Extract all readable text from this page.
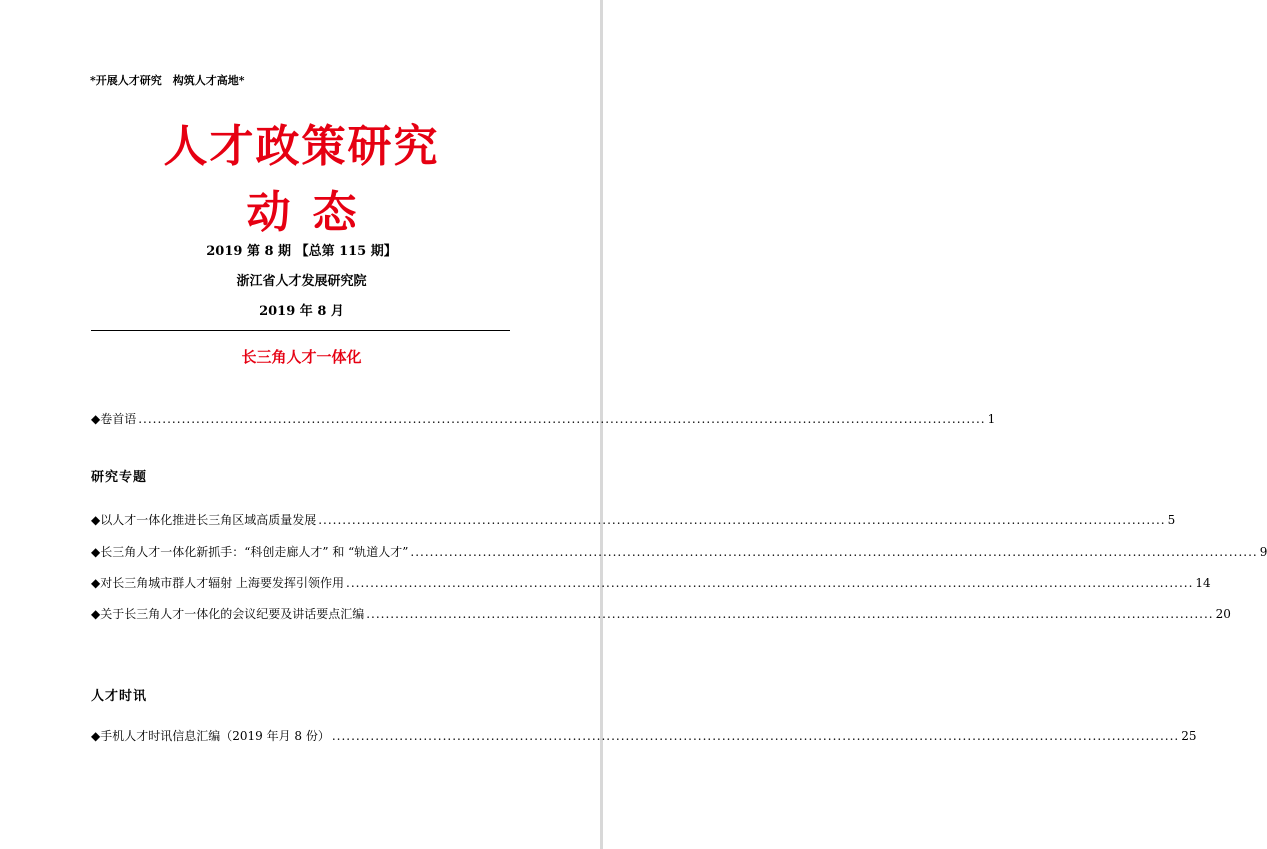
*开展人才研究　构筑人才高地*
人才政策研究
动态
2019 第 8 期 【总第 115 期】
浙江省人才发展研究院
2019 年 8 月
长三角人才一体化
◆卷首语 ................................................................................................................................................................................ 1
研究专题
◆以人才一体化推进长三角区域高质量发展 ................................................................................................................................................................................ 5
◆长三角人才一体化新抓手：“科创走廊人才” 和 “轨道人才” ................................................................................................................................................................................ 9
◆对长三角城市群人才辐射 上海要发挥引领作用 ................................................................................................................................................................................ 14
◆关于长三角人才一体化的会议纪要及讲话要点汇编 ................................................................................................................................................................................ 20
人才时讯
◆手机人才时讯信息汇编（2019 年月 8 份） ................................................................................................................................................................................ 25
